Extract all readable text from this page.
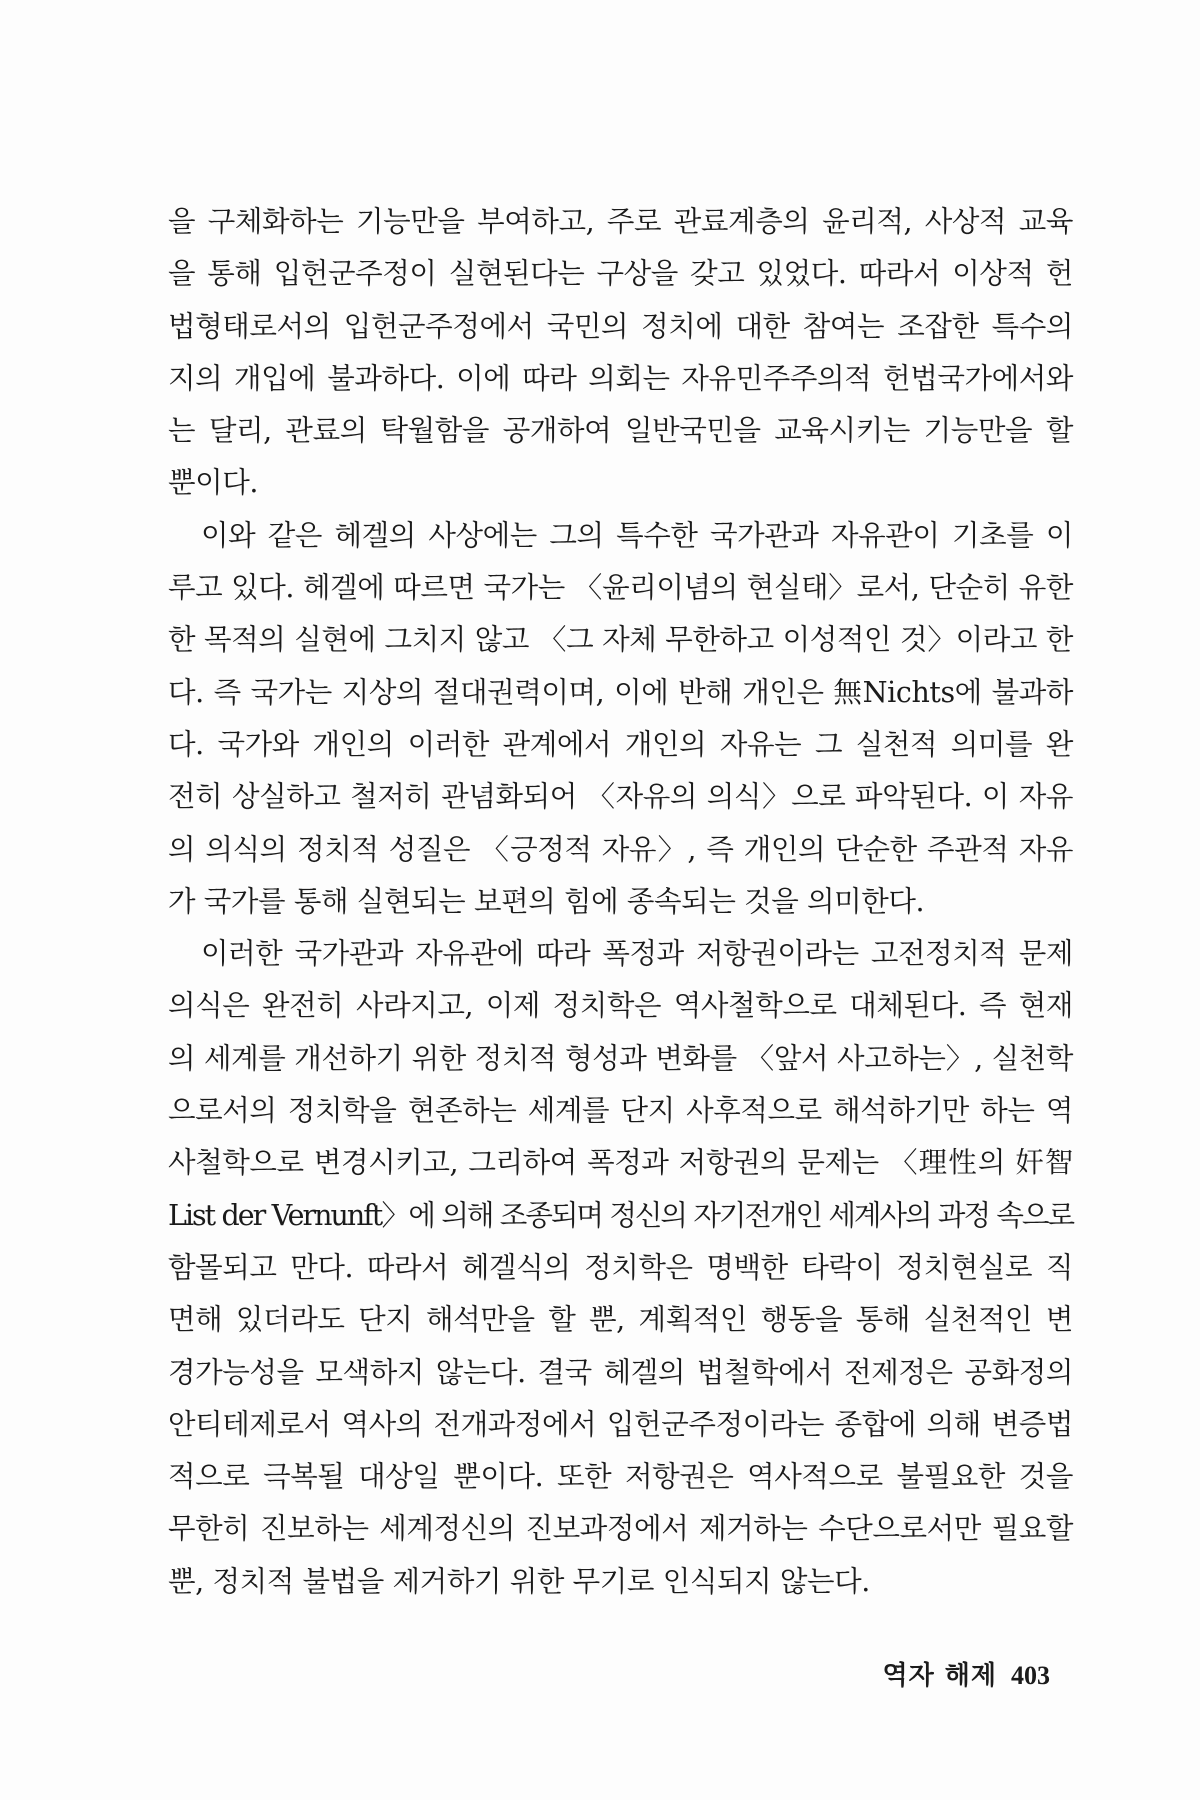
을 구체화하는 기능만을 부여하고, 주로 관료계층의 윤리적, 사상적 교육
을 통해 입헌군주정이 실현된다는 구상을 갖고 있었다. 따라서 이상적 헌
법형태로서의 입헌군주정에서 국민의 정치에 대한 참여는 조잡한 특수의
지의 개입에 불과하다. 이에 따라 의회는 자유민주주의적 헌법국가에서와
는 달리, 관료의 탁월함을 공개하여 일반국민을 교육시키는 기능만을 할
뿐이다.
이와 같은 헤겔의 사상에는 그의 특수한 국가관과 자유관이 기초를 이
루고 있다. 헤겔에 따르면 국가는 〈윤리이념의 현실태〉로서, 단순히 유한
한 목적의 실현에 그치지 않고 〈그 자체 무한하고 이성적인 것〉이라고 한
다. 즉 국가는 지상의 절대권력이며, 이에 반해 개인은 無Nichts에 불과하
다. 국가와 개인의 이러한 관계에서 개인의 자유는 그 실천적 의미를 완
전히 상실하고 철저히 관념화되어 〈자유의 의식〉으로 파악된다. 이 자유
의 의식의 정치적 성질은 〈긍정적 자유〉, 즉 개인의 단순한 주관적 자유
가 국가를 통해 실현되는 보편의 힘에 종속되는 것을 의미한다.
이러한 국가관과 자유관에 따라 폭정과 저항권이라는 고전정치적 문제
의식은 완전히 사라지고, 이제 정치학은 역사철학으로 대체된다. 즉 현재
의 세계를 개선하기 위한 정치적 형성과 변화를 〈앞서 사고하는〉, 실천학
으로서의 정치학을 현존하는 세계를 단지 사후적으로 해석하기만 하는 역
사철학으로 변경시키고, 그리하여 폭정과 저항권의 문제는 〈理性의 奸智
List der Vernunft〉에 의해 조종되며 정신의 자기전개인 세계사의 과정 속으로
함몰되고 만다. 따라서 헤겔식의 정치학은 명백한 타락이 정치현실로 직
면해 있더라도 단지 해석만을 할 뿐, 계획적인 행동을 통해 실천적인 변
경가능성을 모색하지 않는다. 결국 헤겔의 법철학에서 전제정은 공화정의
안티테제로서 역사의 전개과정에서 입헌군주정이라는 종합에 의해 변증법
적으로 극복될 대상일 뿐이다. 또한 저항권은 역사적으로 불필요한 것을
무한히 진보하는 세계정신의 진보과정에서 제거하는 수단으로서만 필요할
뿐, 정치적 불법을 제거하기 위한 무기로 인식되지 않는다.
역자 해제 403
